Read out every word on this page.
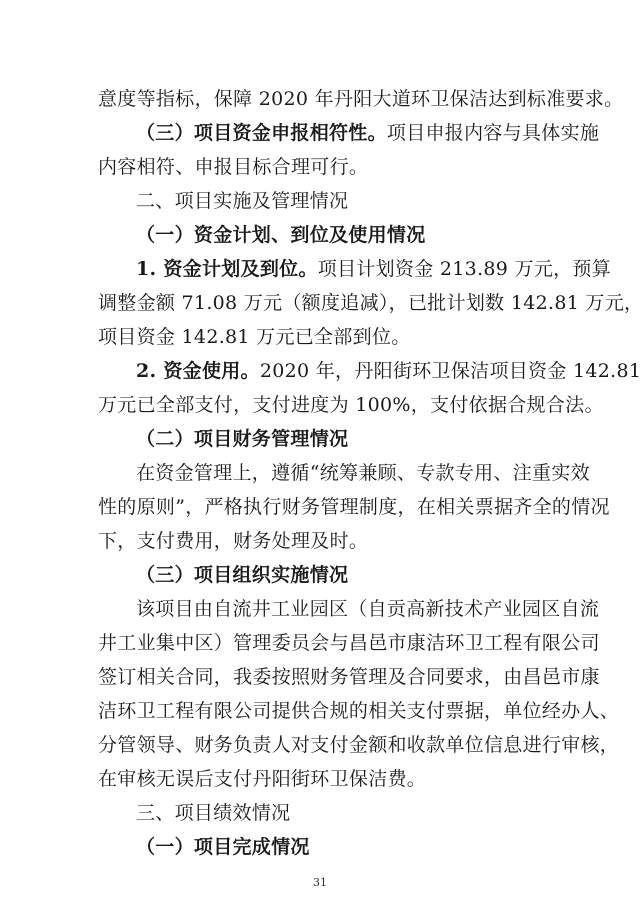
意度等指标，保障 2020 年丹阳大道环卫保洁达到标准要求。
（三）项目资金申报相符性。项目申报内容与具体实施
内容相符、申报目标合理可行。
二、项目实施及管理情况
（一）资金计划、到位及使用情况
1. 资金计划及到位。项目计划资金 213.89 万元，预算
调整金额 71.08 万元（额度追减），已批计划数 142.81 万元，
项目资金 142.81 万元已全部到位。
2. 资金使用。2020 年，丹阳街环卫保洁项目资金 142.81
万元已全部支付，支付进度为 100%，支付依据合规合法。
（二）项目财务管理情况
在资金管理上，遵循“统筹兼顾、专款专用、注重实效
性的原则”，严格执行财务管理制度，在相关票据齐全的情况
下，支付费用，财务处理及时。
（三）项目组织实施情况
该项目由自流井工业园区（自贡高新技术产业园区自流
井工业集中区）管理委员会与昌邑市康洁环卫工程有限公司
签订相关合同，我委按照财务管理及合同要求，由昌邑市康
洁环卫工程有限公司提供合规的相关支付票据，单位经办人、
分管领导、财务负责人对支付金额和收款单位信息进行审核，
在审核无误后支付丹阳街环卫保洁费。
三、项目绩效情况
（一）项目完成情况
31
